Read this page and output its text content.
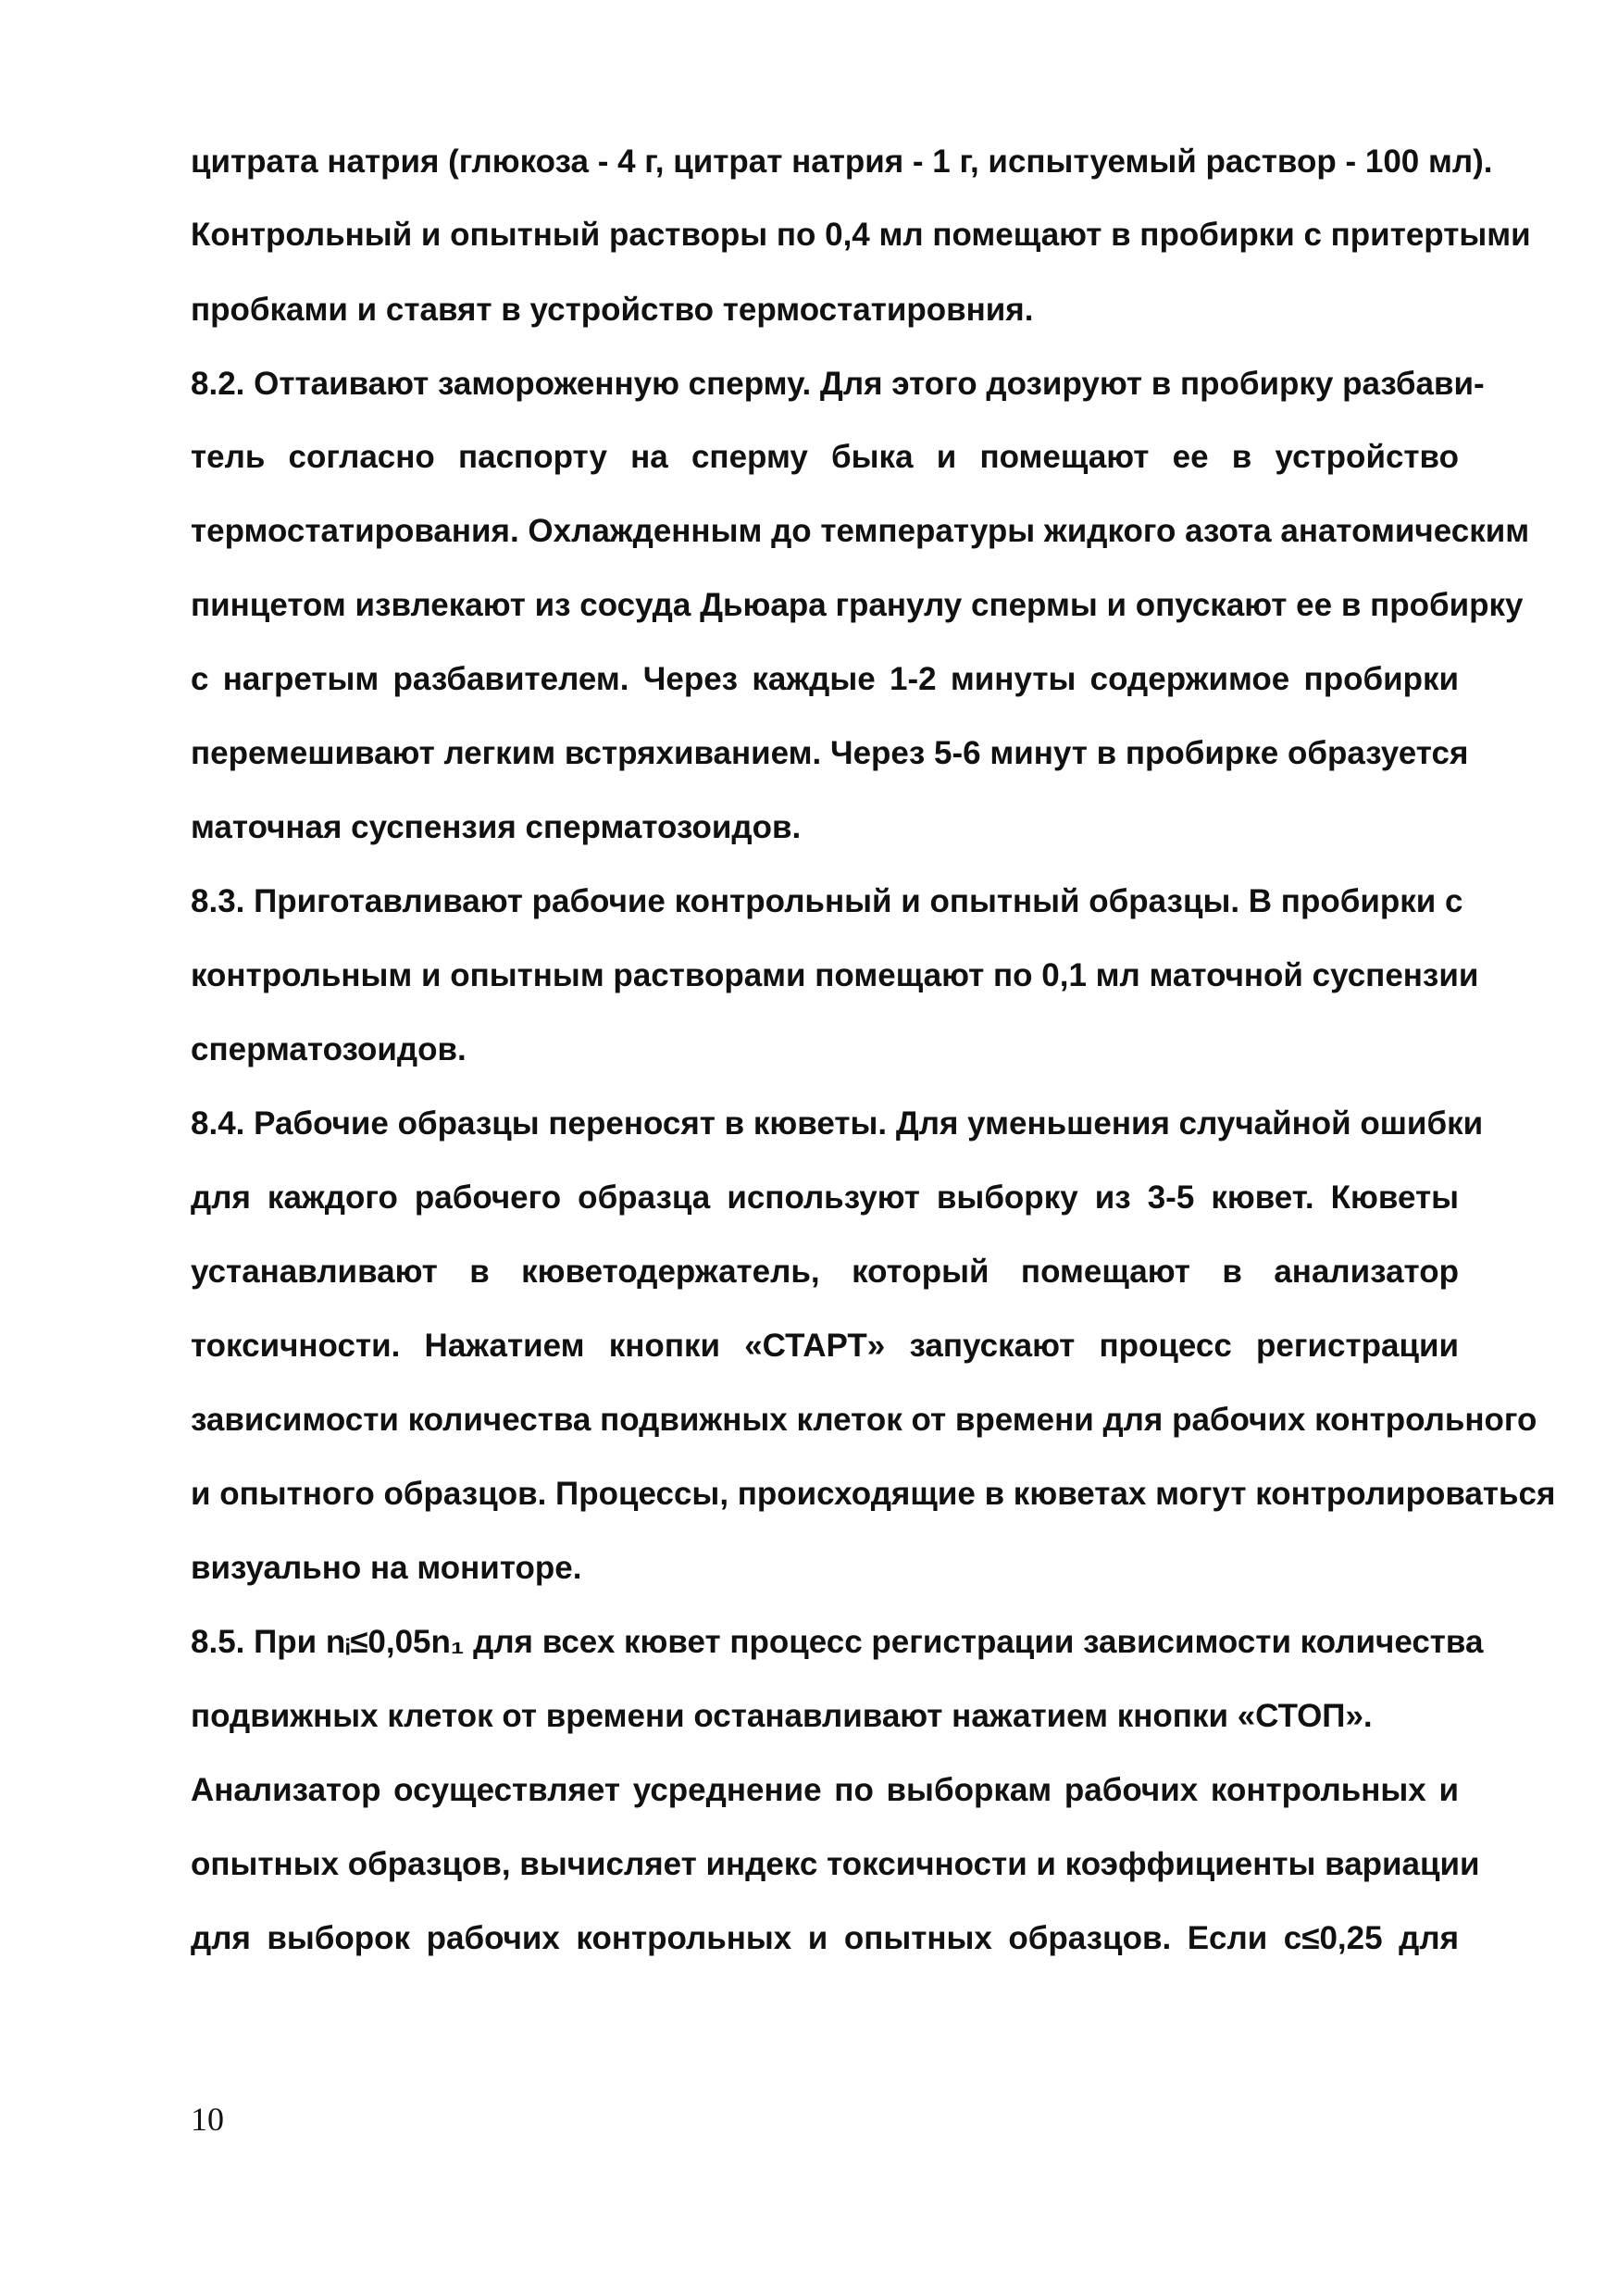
цитрата натрия (глюкоза - 4 г, цитрат натрия - 1 г, испытуемый раствор - 100 мл).
Контрольный и опытный растворы по 0,4 мл помещают в пробирки с притертыми
пробками и ставят в устройство термостатировния.
8.2. Оттаивают замороженную сперму. Для этого дозируют в пробирку разбави-
тель согласно паспорту на сперму быка и помещают ее в устройство
термостатирования. Охлажденным до температуры жидкого азота анатомическим
пинцетом извлекают из сосуда Дьюара гранулу спермы и опускают ее в пробирку
с нагретым разбавителем. Через каждые 1-2 минуты содержимое пробирки
перемешивают легким встряхиванием. Через 5-6 минут в пробирке образуется
маточная суспензия сперматозоидов.
8.3. Приготавливают рабочие контрольный и опытный образцы. В пробирки с
контрольным и опытным растворами помещают по 0,1 мл маточной суспензии
сперматозоидов.
8.4. Рабочие образцы переносят в кюветы. Для уменьшения случайной ошибки
для каждого рабочего образца используют выборку из 3-5 кювет. Кюветы
устанавливают в кюветодержатель, который помещают в анализатор
токсичности. Нажатием кнопки «СТАРТ» запускают процесс регистрации
зависимости количества подвижных клеток от времени для рабочих контрольного
и опытного образцов. Процессы, происходящие в кюветах могут контролироваться
визуально на мониторе.
8.5. При nᵢ≤0,05n₁ для всех кювет процесс регистрации зависимости количества
подвижных клеток от времени останавливают нажатием кнопки «СТОП».
Анализатор осуществляет усреднение по выборкам рабочих контрольных и
опытных образцов, вычисляет индекс токсичности и коэффициенты вариации
для выборок рабочих контрольных и опытных образцов. Если c≤0,25 для
10
